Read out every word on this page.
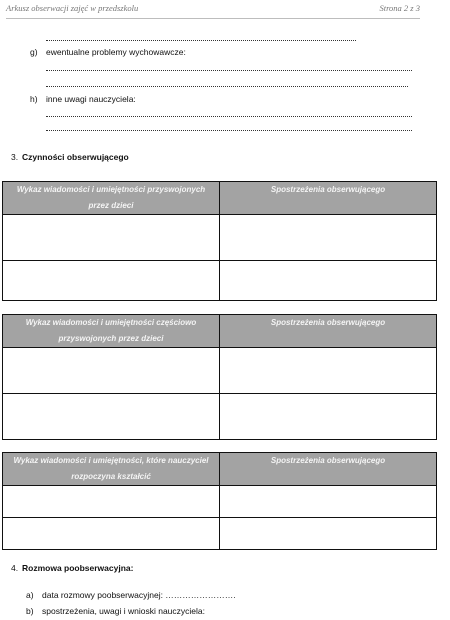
Arkusz obserwacji zajęć w przedszkolu	Strona 2 z 3
g) ewentualne problemy wychowawcze:
h) inne uwagi nauczyciela:
3. Czynności obserwującego
Wykaz wiadomości i umiejętności przyswojonych przez dzieci	Spostrzeżenia obserwującego

Wykaz wiadomości i umiejętności częściowo przyswojonych przez dzieci	Spostrzeżenia obserwującego

Wykaz wiadomości i umiejętności, które nauczyciel rozpoczyna kształcić	Spostrzeżenia obserwującego

4. Rozmowa poobserwacyjna:
a) data rozmowy poobserwacyjnej: …………………….
b) spostrzeżenia, uwagi i wnioski nauczyciela:
